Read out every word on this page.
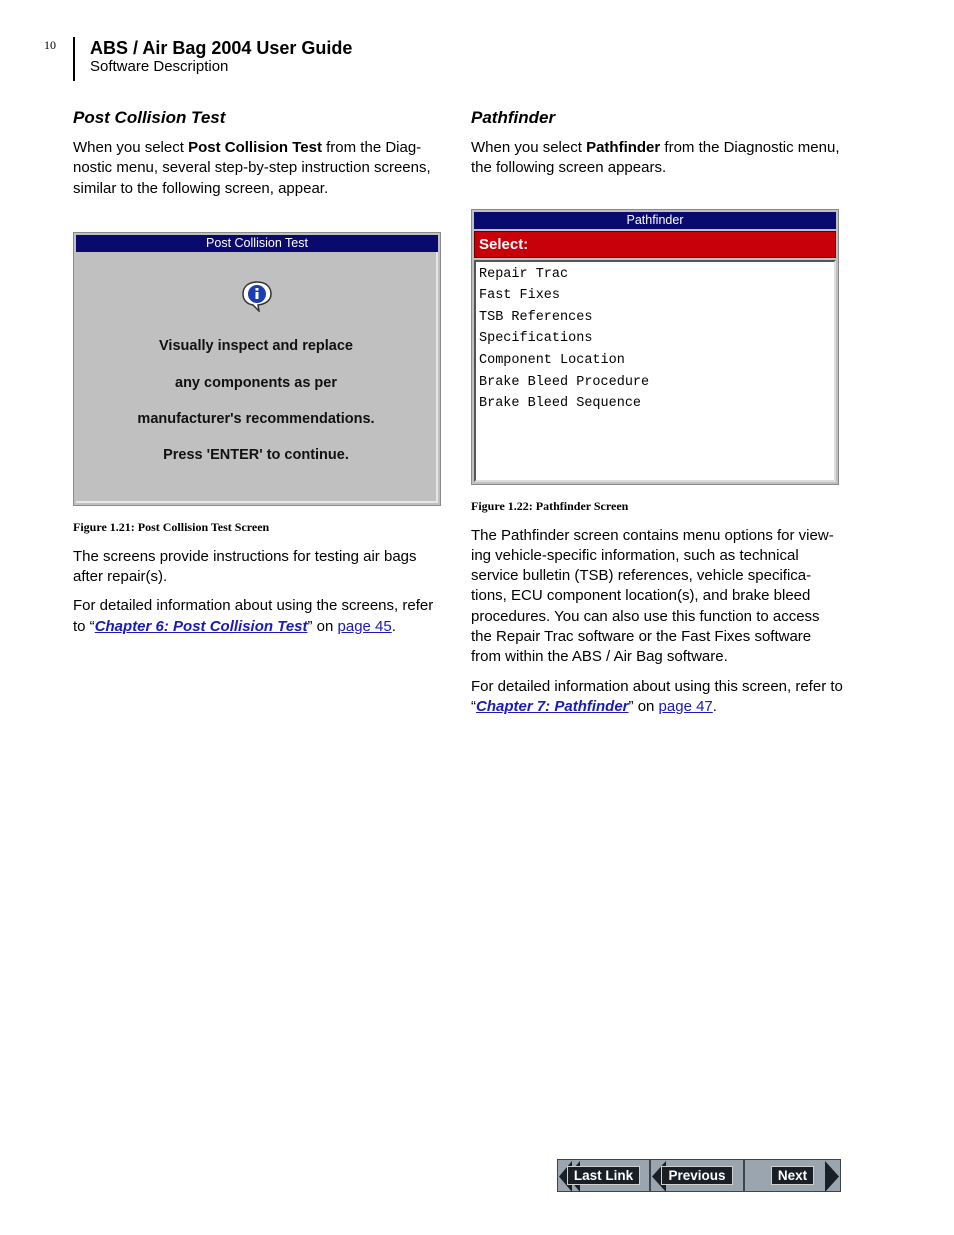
10 ABS / Air Bag 2004 User Guide
Software Description
Post Collision Test

When you select Post Collision Test from the Diag-nostic menu, several step-by-step instruction screens, similar to the following screen, appear.

Post Collision Test
Visually inspect and replace
any components as per
manufacturer's recommendations.
Press 'ENTER' to continue.
Figure 1.21: Post Collision Test Screen

The screens provide instructions for testing air bags after repair(s).

For detailed information about using the screens, refer to “Chapter 6: Post Collision Test” on page 45.

Pathfinder

When you select Pathfinder from the Diagnostic menu, the following screen appears.

Pathfinder
Select:
Repair Trac
Fast Fixes
TSB References
Specifications
Component Location
Brake Bleed Procedure
Brake Bleed Sequence
Figure 1.22: Pathfinder Screen

The Pathfinder screen contains menu options for view-ing vehicle-specific information, such as technical service bulletin (TSB) references, vehicle specifica-tions, ECU component location(s), and brake bleed procedures. You can also use this function to access the Repair Trac software or the Fast Fixes software from within the ABS / Air Bag software.

For detailed information about using this screen, refer to “Chapter 7: Pathfinder” on page 47.

Last Link	Previous	Next
